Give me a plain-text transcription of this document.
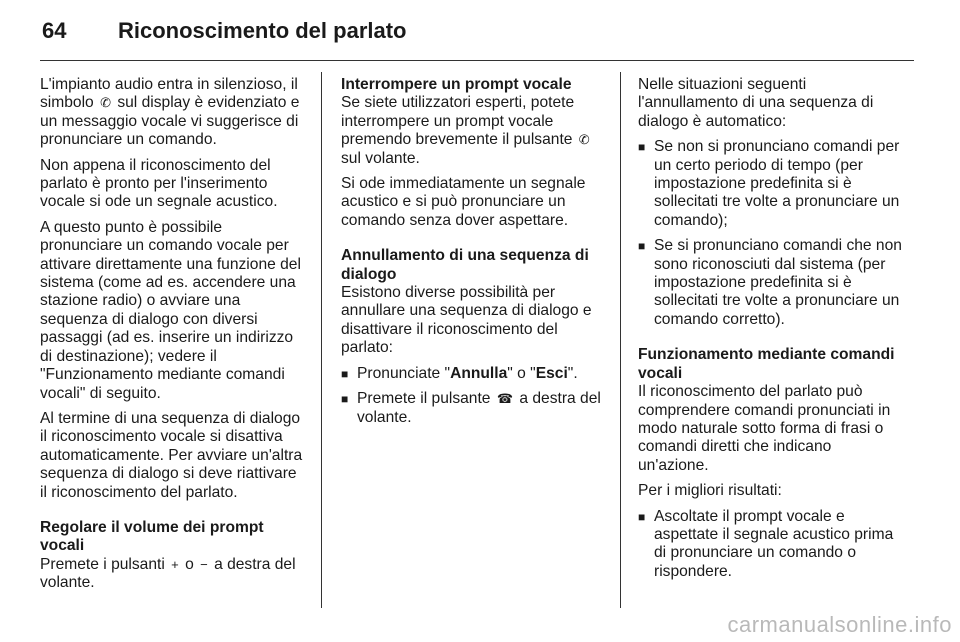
64 Riconoscimento del parlato

L'impianto audio entra in silenzioso, il simbolo ✆ sul display è evidenziato e un messaggio vocale vi suggerisce di pronunciare un comando.

Non appena il riconoscimento del parlato è pronto per l'inserimento vocale si ode un segnale acustico.

A questo punto è possibile pronunciare un comando vocale per attivare direttamente una funzione del sistema (come ad es. accendere una stazione radio) o avviare una sequenza di dialogo con diversi passaggi (ad es. inserire un indirizzo di destinazione); vedere il "Funzionamento mediante comandi vocali" di seguito.

Al termine di una sequenza di dialogo il riconoscimento vocale si disattiva automaticamente. Per avviare un'altra sequenza di dialogo si deve riattivare il riconoscimento del parlato.

Regolare il volume dei prompt vocali

Premete i pulsanti + o − a destra del volante.

Interrompere un prompt vocale

Se siete utilizzatori esperti, potete interrompere un prompt vocale premendo brevemente il pulsante ✆ sul volante.

Si ode immediatamente un segnale acustico e si può pronunciare un comando senza dover aspettare.

Annullamento di una sequenza di dialogo

Esistono diverse possibilità per annullare una sequenza di dialogo e disattivare il riconoscimento del parlato:

■ Pronunciate "Annulla" o "Esci".
■ Premete il pulsante ☎ a destra del volante.

Nelle situazioni seguenti l'annullamento di una sequenza di dialogo è automatico:

■ Se non si pronunciano comandi per un certo periodo di tempo (per impostazione predefinita si è sollecitati tre volte a pronunciare un comando);
■ Se si pronunciano comandi che non sono riconosciuti dal sistema (per impostazione predefinita si è sollecitati tre volte a pronunciare un comando corretto).
Funzionamento mediante comandi vocali

Il riconoscimento del parlato può comprendere comandi pronunciati in modo naturale sotto forma di frasi o comandi diretti che indicano un'azione.

Per i migliori risultati:

■ Ascoltate il prompt vocale e aspettate il segnale acustico prima di pronunciare un comando o rispondere.
carmanualsonline.info
